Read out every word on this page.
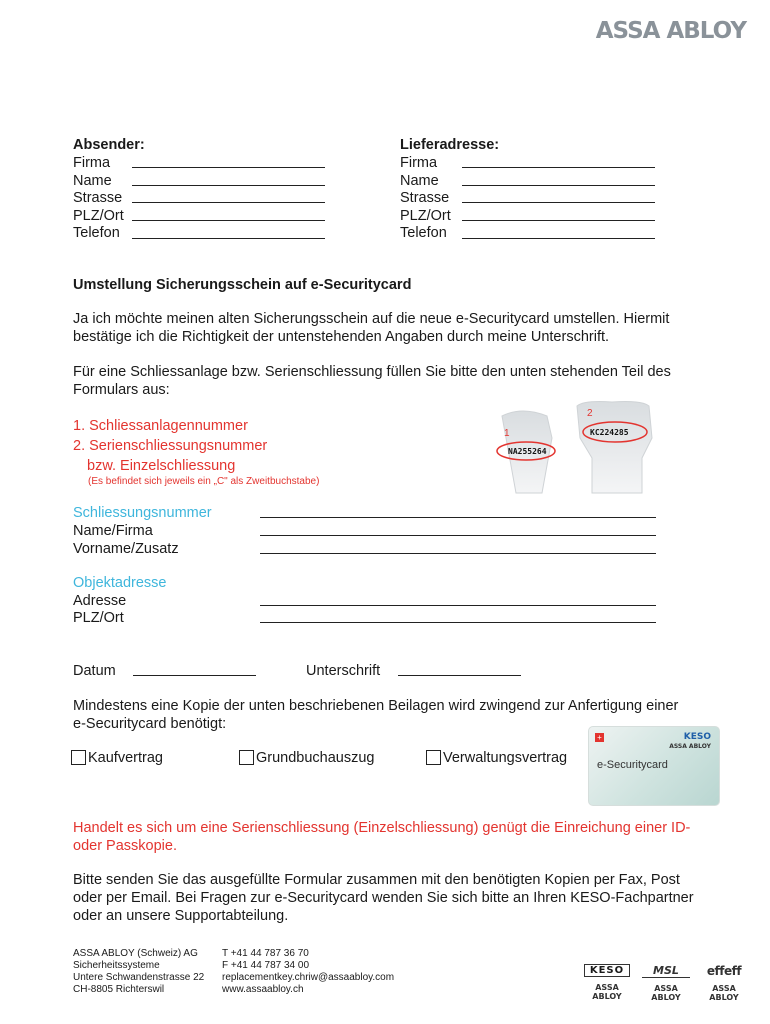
ASSA ABLOY
Absender:
Firma
Name
Strasse
PLZ/Ort
Telefon
Lieferadresse:
Firma
Name
Strasse
PLZ/Ort
Telefon
Umstellung Sicherungsschein auf e-Securitycard
Ja ich möchte meinen alten Sicherungsschein auf die neue e-Securitycard umstellen. Hiermit bestätige ich die Richtigkeit der untenstehenden Angaben durch meine Unterschrift.
Für eine Schliessanlage bzw. Serienschliessung füllen Sie bitte den unten stehenden Teil des Formulars aus:
1. Schliessanlagennummer
2. Serienschliessungsnummer
bzw. Einzelschliessung
(Es befindet sich jeweils ein „C" als Zweitbuchstabe)
1
2
NA255264
KC224285
Schliessungsnummer
Name/Firma
Vorname/Zusatz
Objektadresse
Adresse
PLZ/Ort
Datum	Unterschrift
Mindestens eine Kopie der unten beschriebenen Beilagen wird zwingend zur Anfertigung einer e-Securitycard benötigt:
Kaufvertrag	Grundbuchauszug	Verwaltungsvertrag
+	KESO
ASSA ABLOY
e-Securitycard
Handelt es sich um eine Serienschliessung (Einzelschliessung) genügt die Einreichung einer ID- oder Passkopie.
Bitte senden Sie das ausgefüllte Formular zusammen mit den benötigten Kopien per Fax, Post oder per Email. Bei Fragen zur e-Securitycard wenden Sie sich bitte an Ihren KESO-Fachpartner oder an unsere Supportabteilung.
ASSA ABLOY (Schweiz) AG
Sicherheitssysteme
Untere Schwandenstrasse 22
CH-8805 Richterswil
T +41 44 787 36 70
F +41 44 787 34 00
replacementkey.chriw@assaabloy.com
www.assaabloy.ch
KESO
ASSA ABLOY
MSL
ASSA ABLOY
effeff
ASSA ABLOY
